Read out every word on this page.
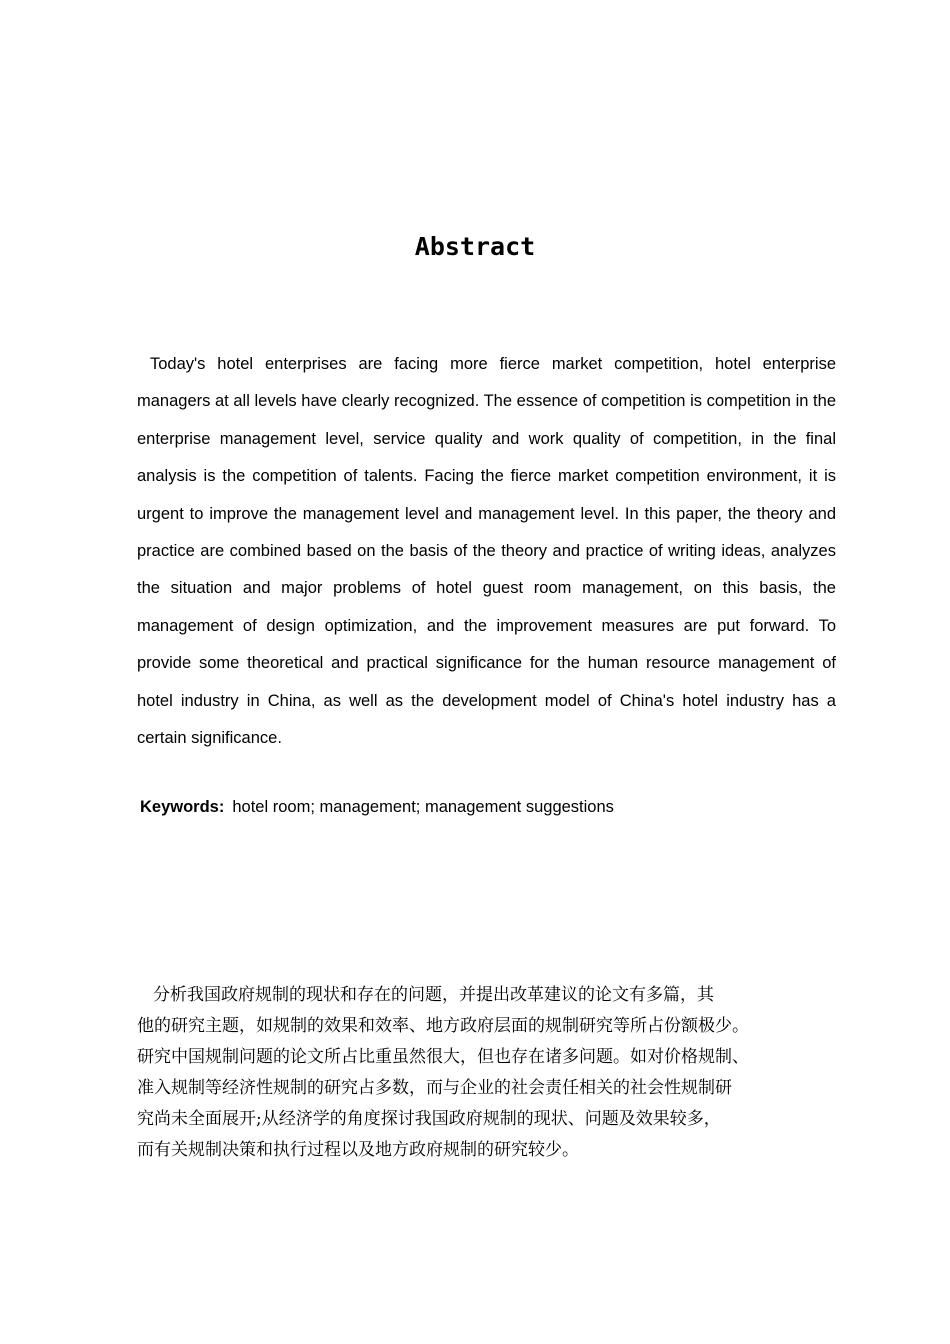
Abstract

Today's hotel enterprises are facing more fierce market competition, hotel enterprise managers at all levels have clearly recognized. The essence of competition is competition in the enterprise management level, service quality and work quality of competition, in the final analysis is the competition of talents. Facing the fierce market competition environment, it is urgent to improve the management level and management level. In this paper, the theory and practice are combined based on the basis of the theory and practice of writing ideas, analyzes the situation and major problems of hotel guest room management, on this basis, the management of design optimization, and the improvement measures are put forward. To provide some theoretical and practical significance for the human resource management of hotel industry in China, as well as the development model of China's hotel industry has a certain significance.

Keywords: hotel room; management; management suggestions
分析我国政府规制的现状和存在的问题，并提出改革建议的论文有多篇，其
他的研究主题，如规制的效果和效率、地方政府层面的规制研究等所占份额极少。
研究中国规制问题的论文所占比重虽然很大，但也存在诸多问题。如对价格规制、
准入规制等经济性规制的研究占多数，而与企业的社会责任相关的社会性规制研
究尚未全面展开;从经济学的角度探讨我国政府规制的现状、问题及效果较多，
而有关规制决策和执行过程以及地方政府规制的研究较少。
